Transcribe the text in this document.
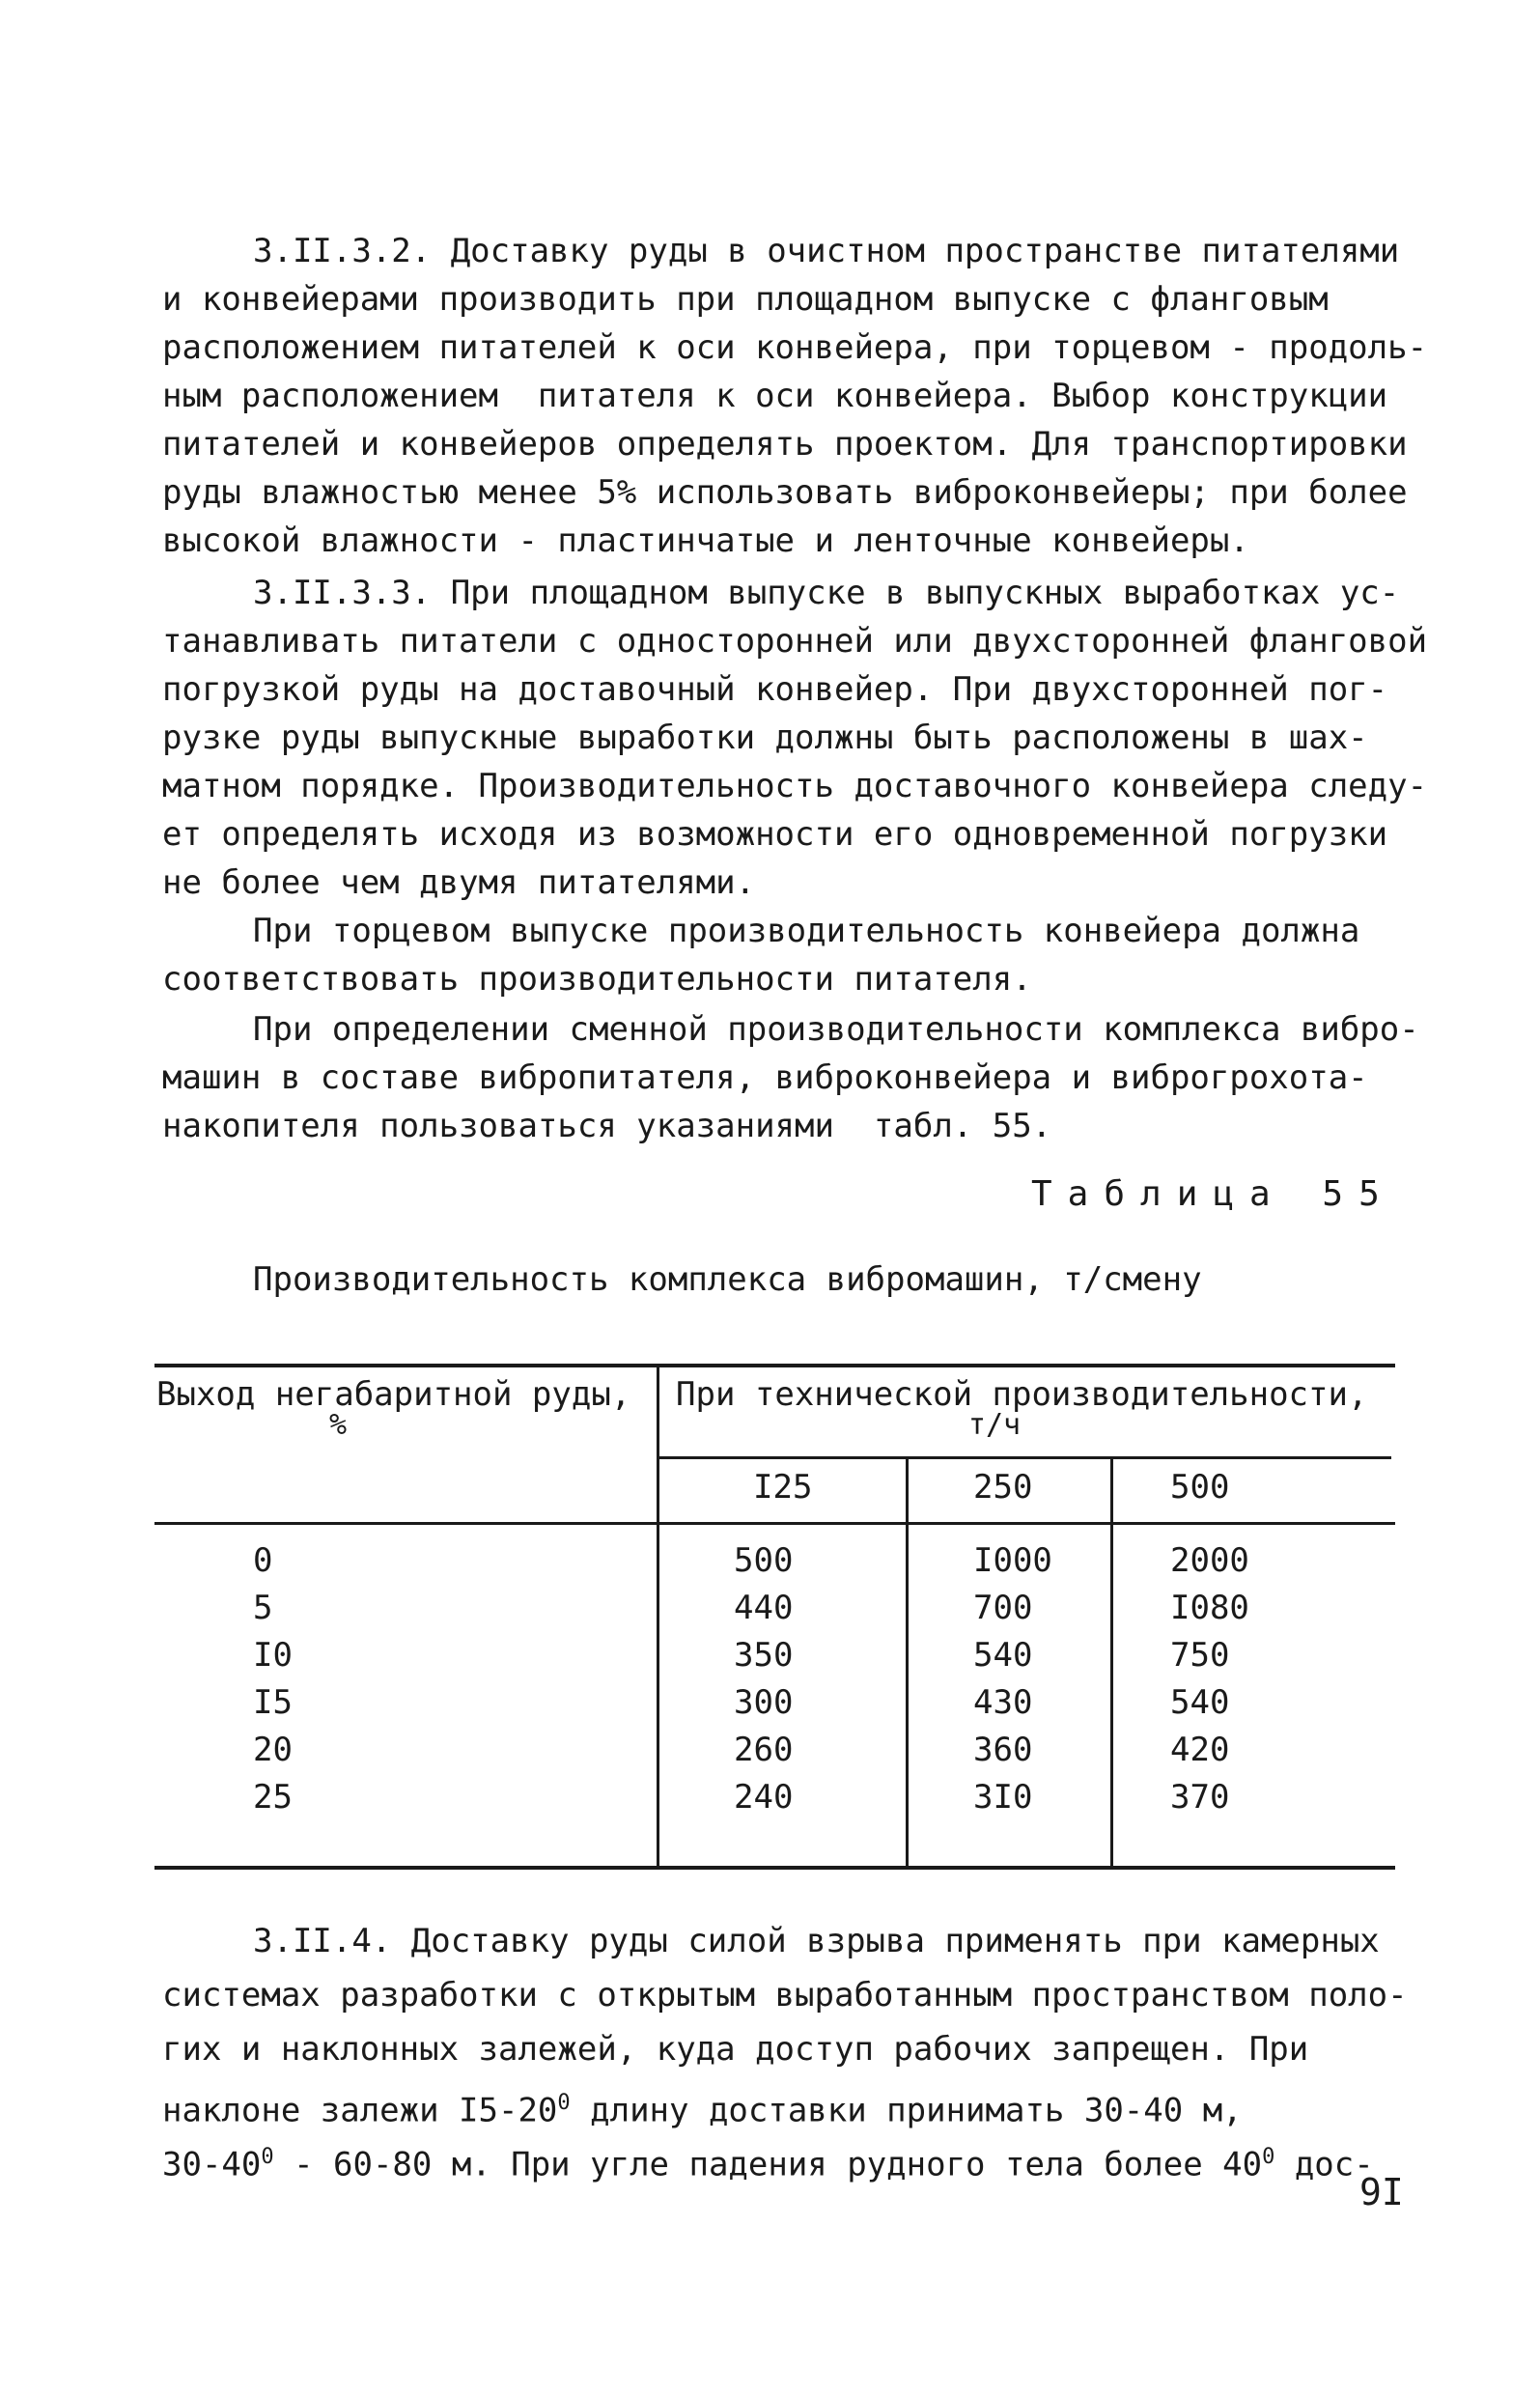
3.II.3.2. Доставку руды в очистном пространстве питателями
и конвейерами производить при площадном выпуске с фланговым
расположением питателей к оси конвейера, при торцевом - продоль-
ным расположением  питателя к оси конвейера. Выбор конструкции
питателей и конвейеров определять проектом. Для транспортировки
руды влажностью менее 5% использовать виброконвейеры; при более
высокой влажности - пластинчатые и ленточные конвейеры.
3.II.3.3. При площадном выпуске в выпускных выработках ус-
танавливать питатели с односторонней или двухсторонней фланговой
погрузкой руды на доставочный конвейер. При двухсторонней пог-
рузке руды выпускные выработки должны быть расположены в шах-
матном порядке. Производительность доставочного конвейера следу-
ет определять исходя из возможности его одновременной погрузки
не более чем двумя питателями.
При торцевом выпуске производительность конвейера должна
соответствовать производительности питателя.
При определении сменной производительности комплекса вибро-
машин в составе вибропитателя, виброконвейера и виброгрохота-
накопителя пользоваться указаниями  табл. 55.
Таблица 55
Производительность комплекса вибромашин, т/смену
Выход негабаритной руды,
%
При технической производительности,
т/ч
I25	250	500
0	500	I000	2000
5	440	700	I080
I0	350	540	750
I5	300	430	540
20	260	360	420
25	240	3I0	370
3.II.4. Доставку руды силой взрыва применять при камерных
системах разработки с открытым выработанным пространством поло-
гих и наклонных залежей, куда доступ рабочих запрещен. При
наклоне залежи $I5-20^0$ длину доставки принимать 30-40 м,
$30-40^0 - 60-80$ м. При угле падения рудного тела более $40^0$ дос-
9I
